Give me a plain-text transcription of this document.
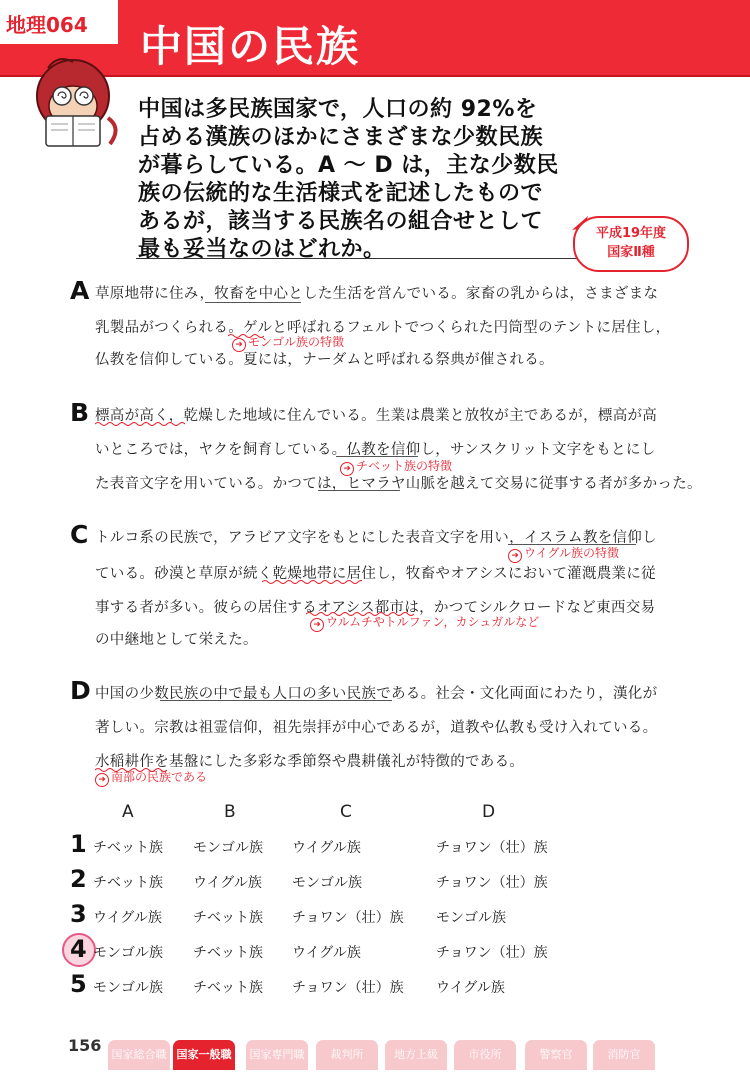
地理064 中国の民族
中国は多民族国家で，人口の約 92%を
占める漢族のほかにさまざまな少数民族
が暮らしている。A ～ D は，主な少数民
族の伝統的な生活様式を記述したもので
あるが，該当する民族名の組合せとして
最も妥当なのはどれか。
平成19年度
国家Ⅱ種
A 草原地帯に住み，牧畜を中心とした生活を営んでいる。家畜の乳からは，さまざまな
乳製品がつくられる。ゲルと呼ばれるフェルトでつくられた円筒型のテントに居住し，
仏教を信仰している。夏には，ナーダムと呼ばれる祭典が催される。
➜ モンゴル族の特徴
B 標高が高く，乾燥した地域に住んでいる。生業は農業と放牧が主であるが，標高が高
いところでは，ヤクを飼育している。仏教を信仰し，サンスクリット文字をもとにし
た表音文字を用いている。かつては，ヒマラヤ山脈を越えて交易に従事する者が多かった。
➜ チベット族の特徴
C トルコ系の民族で，アラビア文字をもとにした表音文字を用い，イスラム教を信仰し
ている。砂漠と草原が続く乾燥地帯に居住し，牧畜やオアシスにおいて灌漑農業に従
事する者が多い。彼らの居住するオアシス都市は，かつてシルクロードなど東西交易
の中継地として栄えた。
➜ ウイグル族の特徴
➜ ウルムチやトルファン，カシュガルなど
D 中国の少数民族の中で最も人口の多い民族である。社会・文化両面にわたり，漢化が
著しい。宗教は祖霊信仰，祖先崇拝が中心であるが，道教や仏教も受け入れている。
水稲耕作を基盤にした多彩な季節祭や農耕儀礼が特徴的である。
➜ 南部の民族である
A	B	C	D
1 チベット族 モンゴル族 ウイグル族	チョワン（壮）族
2 チベット族 ウイグル族 モンゴル族	チョワン（壮）族
3 ウイグル族 チベット族 チョワン（壮）族 モンゴル族
4 モンゴル族 チベット族 ウイグル族	チョワン（壮）族
5 モンゴル族 チベット族 チョワン（壮）族 ウイグル族
156 国家総合職 国家一般職	国家専門職	裁判所	地方上級	市役所	警察官	消防官
